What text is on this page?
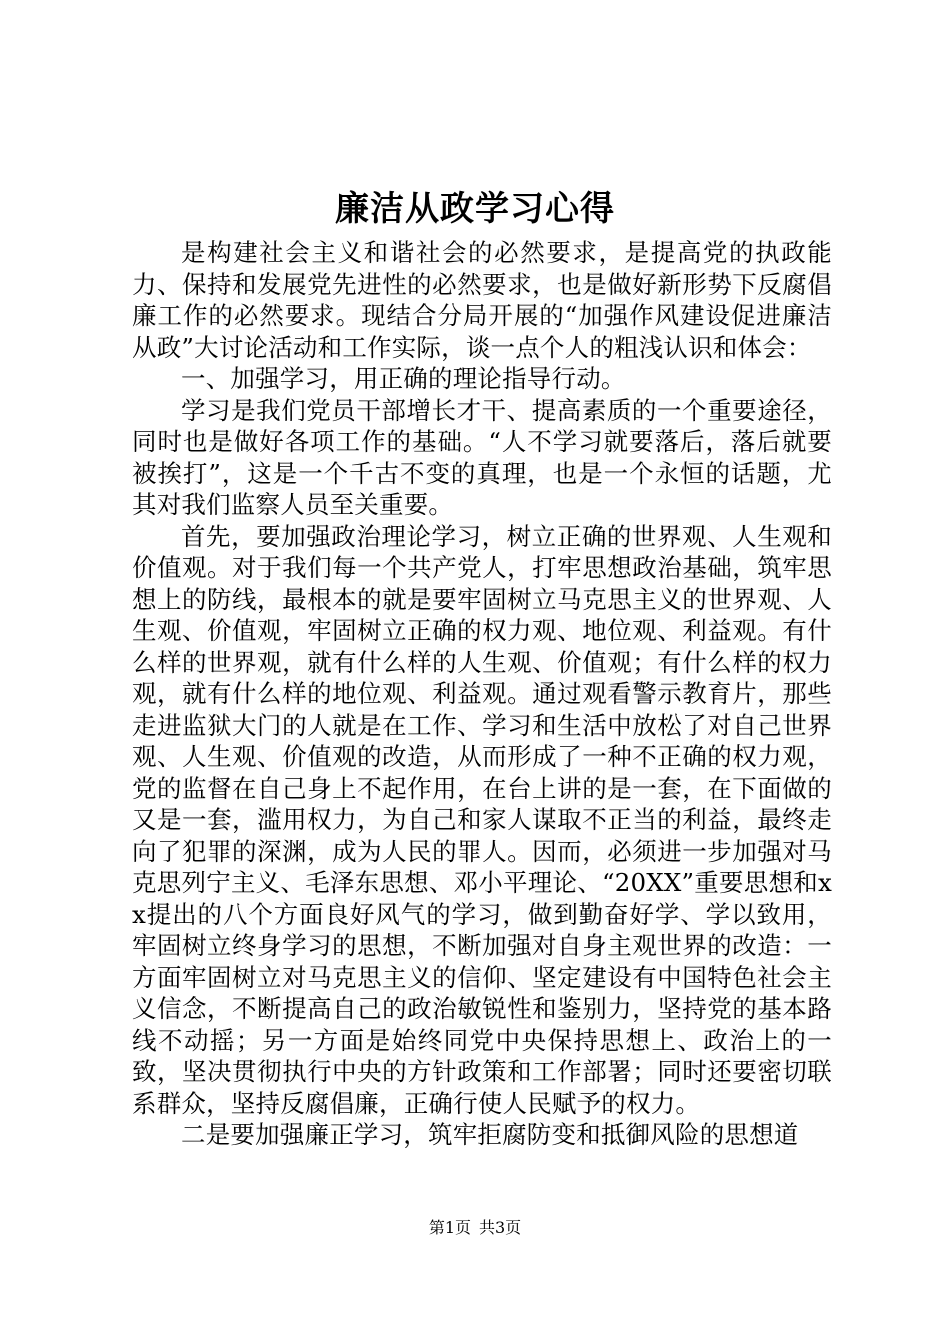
廉洁从政学习心得

是构建社会主义和谐社会的必然要求，是提高党的执政能力、保持和发展党先进性的必然要求，也是做好新形势下反腐倡廉工作的必然要求。现结合分局开展的“加强作风建设促进廉洁从政”大讨论活动和工作实际，谈一点个人的粗浅认识和体会：

一、加强学习，用正确的理论指导行动。

学习是我们党员干部增长才干、提高素质的一个重要途径，同时也是做好各项工作的基础。“人不学习就要落后，落后就要被挨打”，这是一个千古不变的真理，也是一个永恒的话题，尤其对我们监察人员至关重要。

首先，要加强政治理论学习，树立正确的世界观、人生观和价值观。对于我们每一个共产党人，打牢思想政治基础，筑牢思想上的防线，最根本的就是要牢固树立马克思主义的世界观、人生观、价值观，牢固树立正确的权力观、地位观、利益观。有什么样的世界观，就有什么样的人生观、价值观；有什么样的权力观，就有什么样的地位观、利益观。通过观看警示教育片，那些走进监狱大门的人就是在工作、学习和生活中放松了对自己世界观、人生观、价值观的改造，从而形成了一种不正确的权力观，党的监督在自己身上不起作用，在台上讲的是一套，在下面做的又是一套，滥用权力，为自己和家人谋取不正当的利益，最终走向了犯罪的深渊，成为人民的罪人。因而，必须进一步加强对马克思列宁主义、毛泽东思想、邓小平理论、“20XX”重要思想和xx提出的八个方面良好风气的学习，做到勤奋好学、学以致用，牢固树立终身学习的思想，不断加强对自身主观世界的改造：一方面牢固树立对马克思主义的信仰、坚定建设有中国特色社会主义信念，不断提高自己的政治敏锐性和鉴别力，坚持党的基本路线不动摇；另一方面是始终同党中央保持思想上、政治上的一致，坚决贯彻执行中央的方针政策和工作部署；同时还要密切联系群众，坚持反腐倡廉，正确行使人民赋予的权力。

二是要加强廉正学习，筑牢拒腐防变和抵御风险的思想道

第1页 共3页
